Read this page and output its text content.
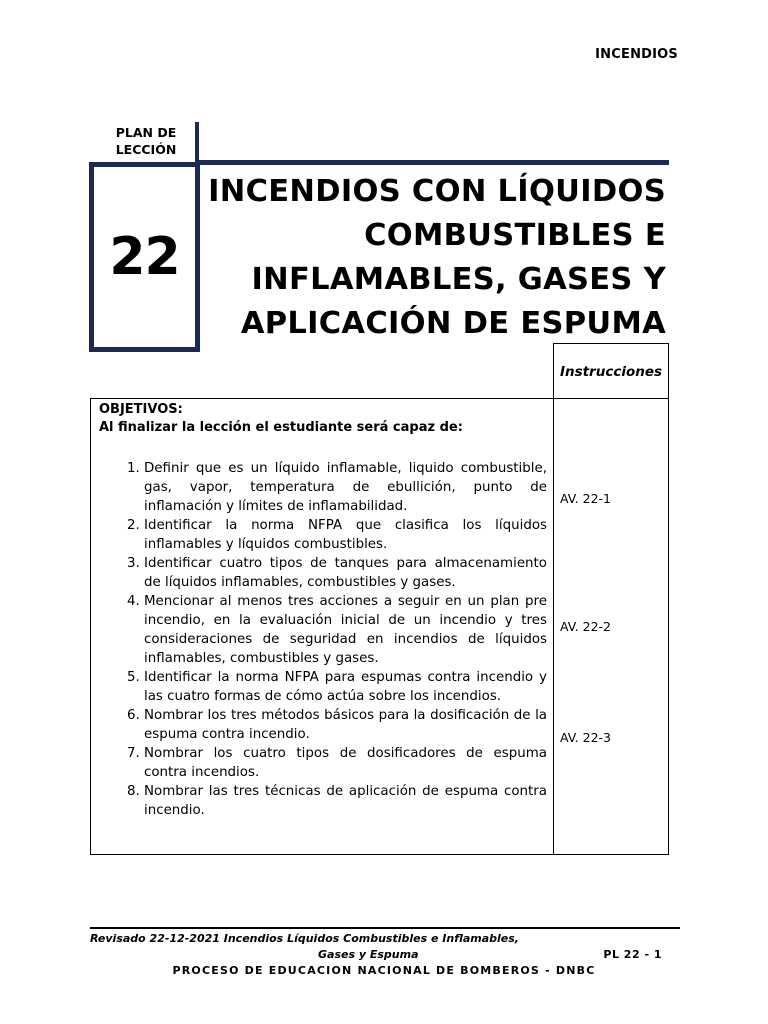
INCENDIOS
PLAN DE
LECCIÓN
22
INCENDIOS CON LÍQUIDOS
COMBUSTIBLES E
INFLAMABLES, GASES Y
APLICACIÓN DE ESPUMA
Instrucciones
OBJETIVOS:
Al finalizar la lección el estudiante será capaz de:
1. Definir que es un líquido inflamable, liquido combustible, gas, vapor, temperatura de ebullición, punto de inflamación y límites de inflamabilidad.
2. Identificar la norma NFPA que clasifica los líquidos inflamables y líquidos combustibles.
3. Identificar cuatro tipos de tanques para almacenamiento de líquidos inflamables, combustibles y gases.
4. Mencionar al menos tres acciones a seguir en un plan pre incendio, en la evaluación inicial de un incendio y tres consideraciones de seguridad en incendios de líquidos inflamables, combustibles y gases.
5. Identificar la norma NFPA para espumas contra incendio y las cuatro formas de cómo actúa sobre los incendios.
6. Nombrar los tres métodos básicos para la dosificación de la espuma contra incendio.
7. Nombrar los cuatro tipos de dosificadores de espuma contra incendios.
8. Nombrar las tres técnicas de aplicación de espuma contra incendio.
AV. 22-1
AV. 22-2
AV. 22-3
Revisado 22-12-2021 Incendios Líquidos Combustibles e Inflamables,
Gases y Espuma	PL 22 - 1
PROCESO DE EDUCACION NACIONAL DE BOMBEROS - DNBC
